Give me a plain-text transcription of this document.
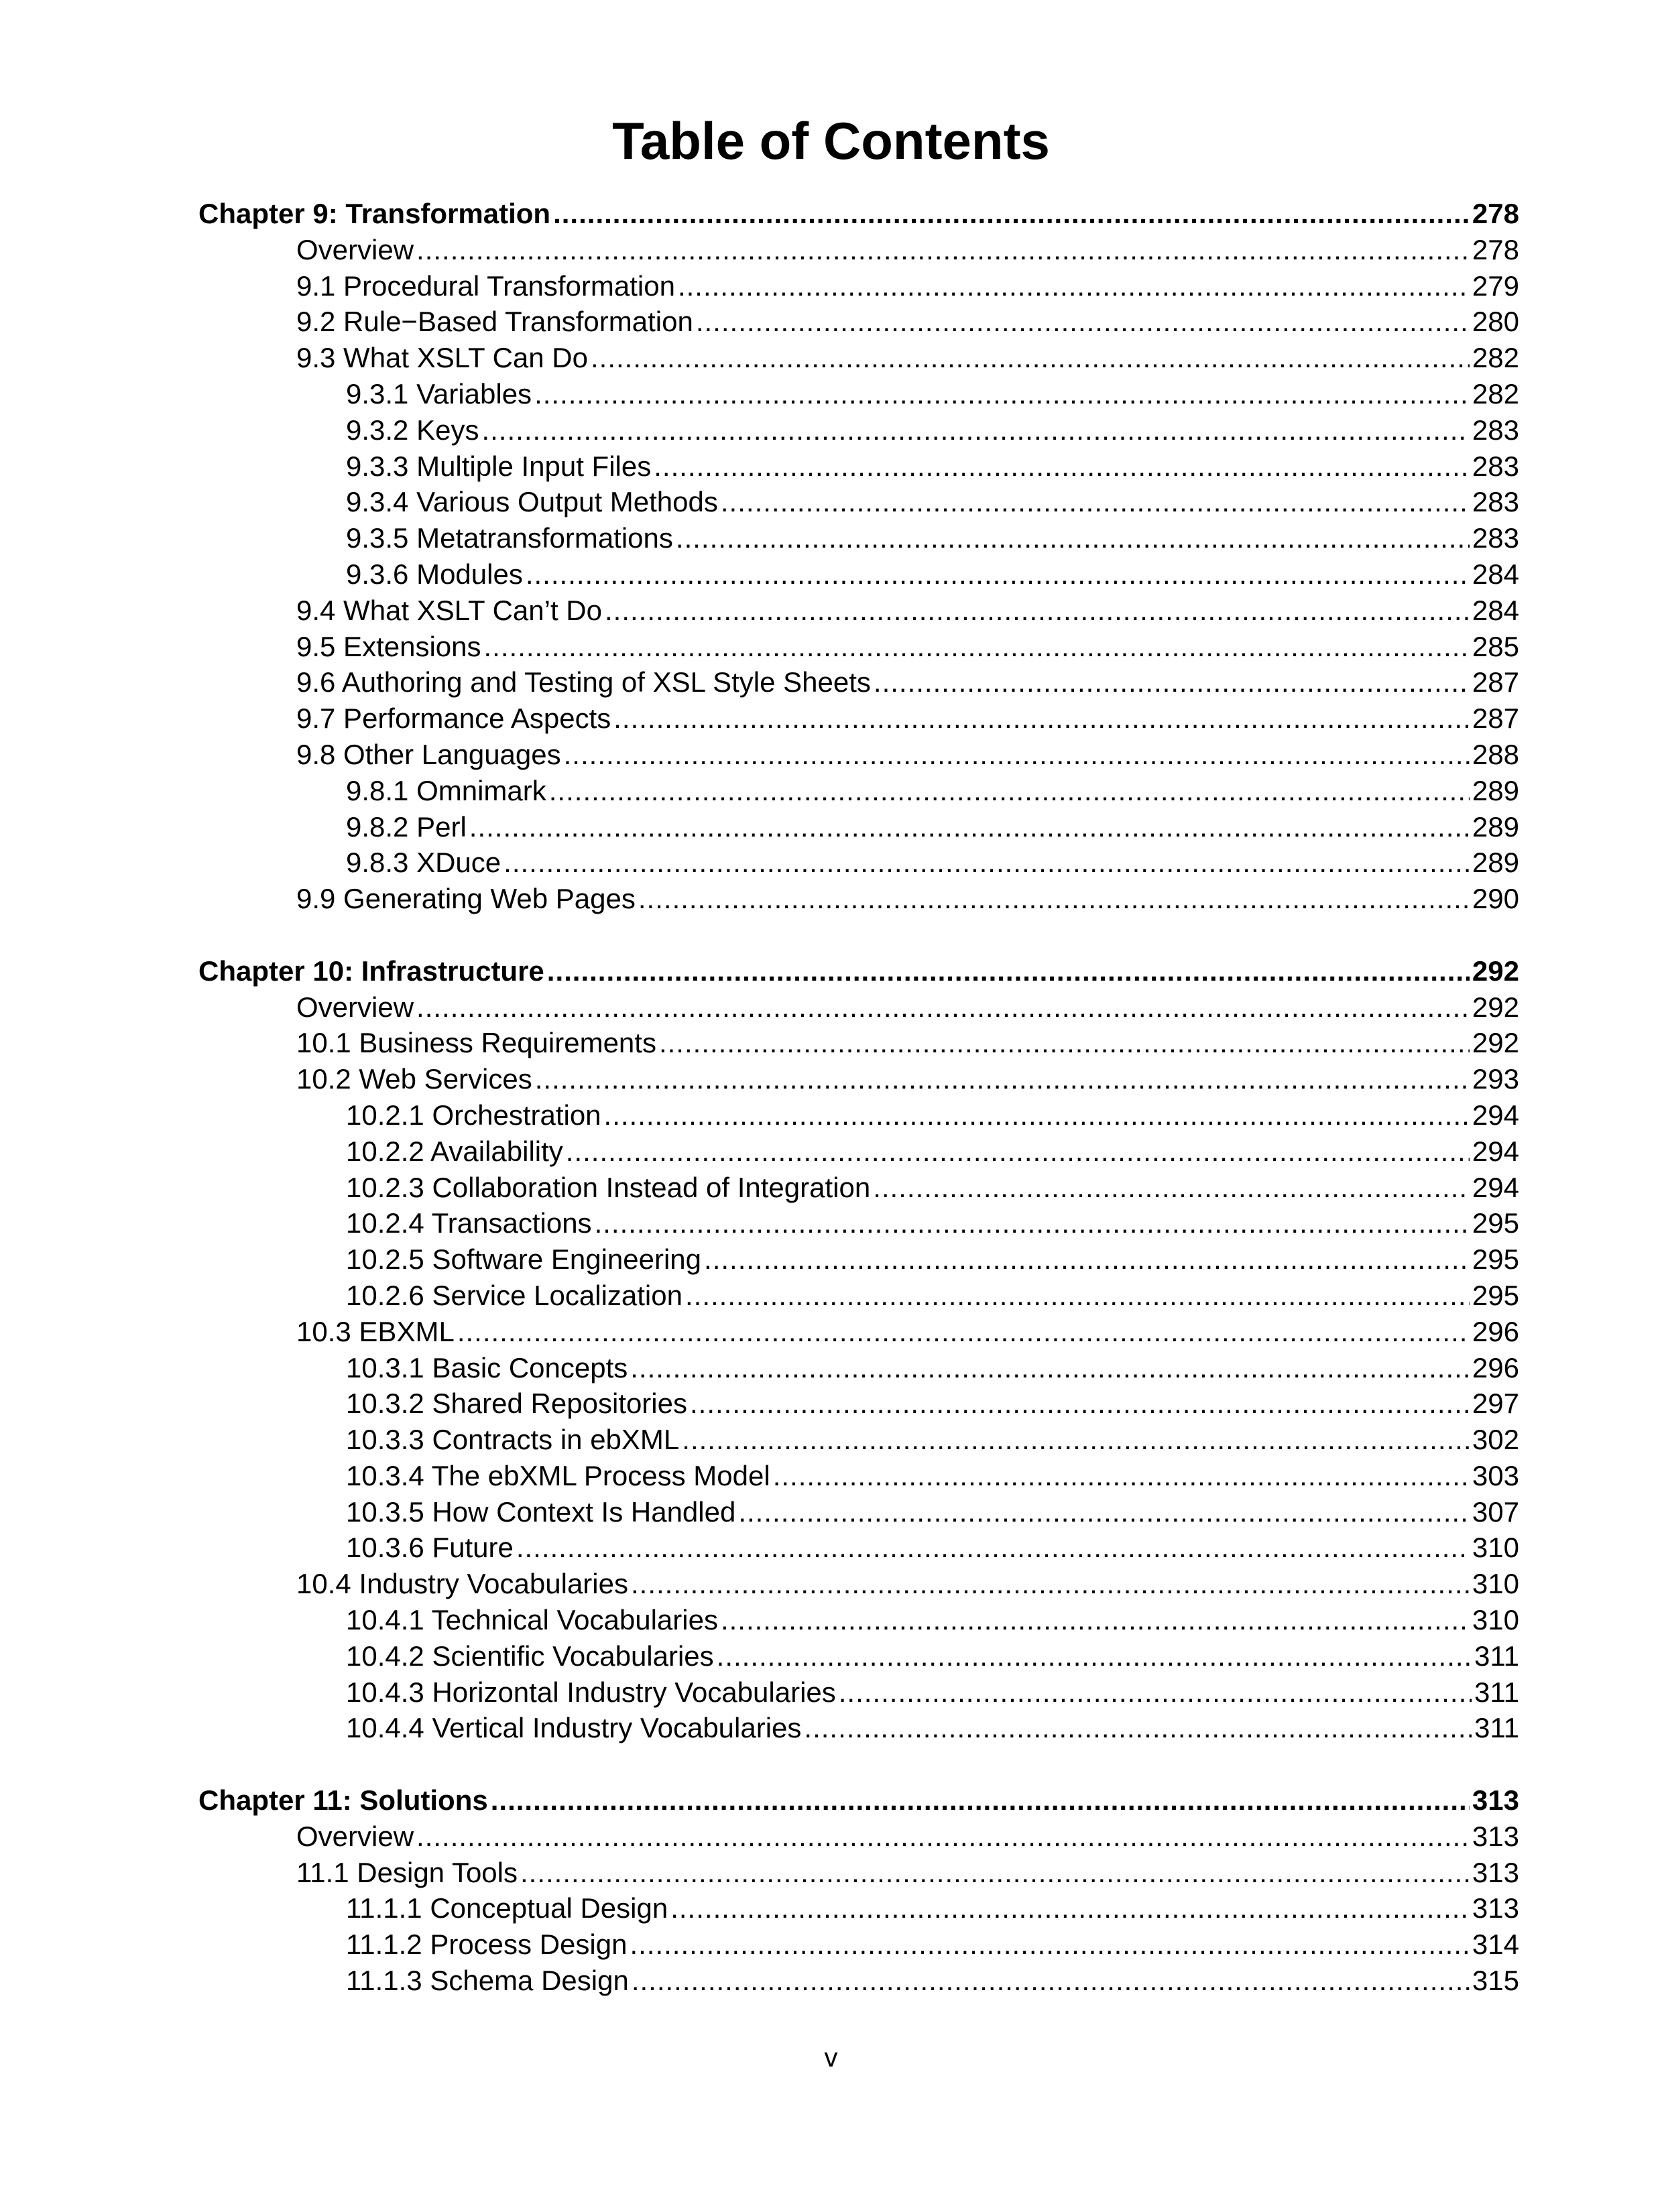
Table of Contents
Chapter 9: Transformation .....	278
Overview .....	278
9.1 Procedural Transformation .....	279
9.2 Rule−Based Transformation .....	280
9.3 What XSLT Can Do .....	282
9.3.1 Variables .....	282
9.3.2 Keys .....	283
9.3.3 Multiple Input Files .....	283
9.3.4 Various Output Methods .....	283
9.3.5 Metatransformations .....	283
9.3.6 Modules .....	284
9.4 What XSLT Can’t Do .....	284
9.5 Extensions .....	285
9.6 Authoring and Testing of XSL Style Sheets .....	287
9.7 Performance Aspects .....	287
9.8 Other Languages .....	288
9.8.1 Omnimark .....	289
9.8.2 Perl .....	289
9.8.3 XDuce .....	289
9.9 Generating Web Pages .....	290
Chapter 10: Infrastructure .....	292
Overview .....	292
10.1 Business Requirements .....	292
10.2 Web Services .....	293
10.2.1 Orchestration .....	294
10.2.2 Availability .....	294
10.2.3 Collaboration Instead of Integration .....	294
10.2.4 Transactions .....	295
10.2.5 Software Engineering .....	295
10.2.6 Service Localization .....	295
10.3 EBXML .....	296
10.3.1 Basic Concepts .....	296
10.3.2 Shared Repositories .....	297
10.3.3 Contracts in ebXML .....	302
10.3.4 The ebXML Process Model .....	303
10.3.5 How Context Is Handled .....	307
10.3.6 Future .....	310
10.4 Industry Vocabularies .....	310
10.4.1 Technical Vocabularies .....	310
10.4.2 Scientific Vocabularies .....	311
10.4.3 Horizontal Industry Vocabularies .....	311
10.4.4 Vertical Industry Vocabularies .....	311
Chapter 11: Solutions .....	313
Overview .....	313
11.1 Design Tools .....	313
11.1.1 Conceptual Design .....	313
11.1.2 Process Design .....	314
11.1.3 Schema Design .....	315
v
